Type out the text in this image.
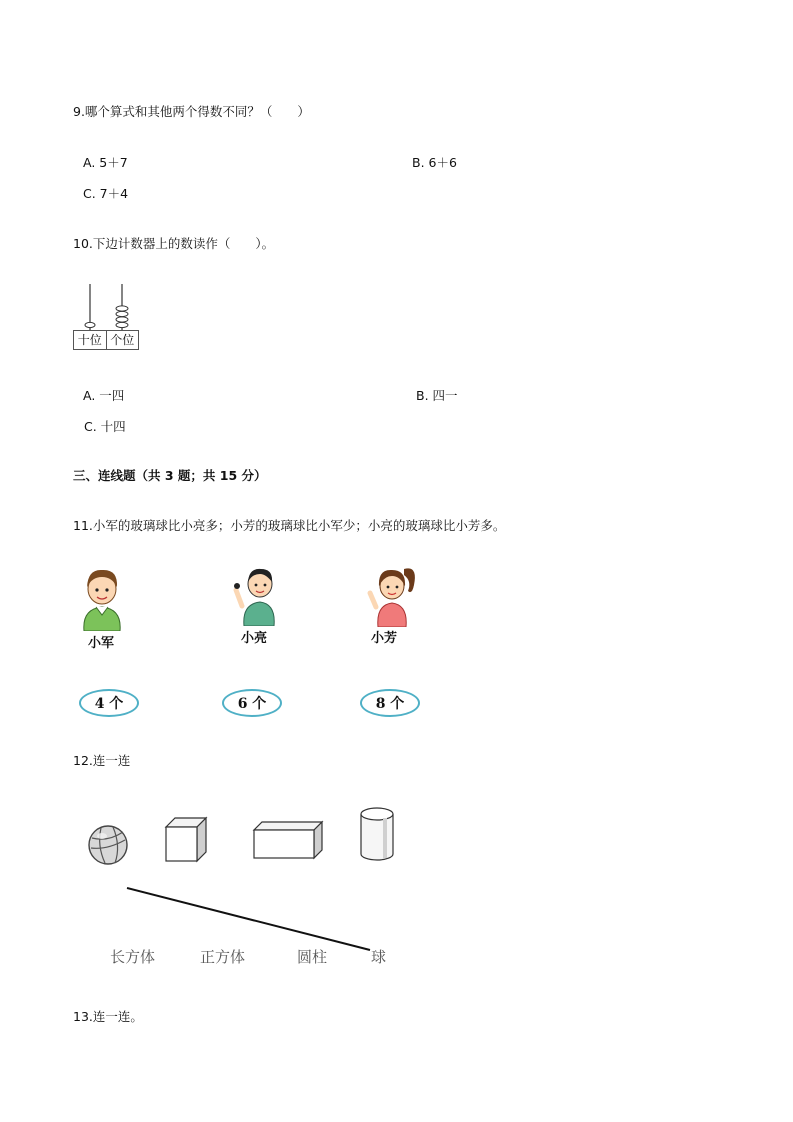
9.哪个算式和其他两个得数不同？（　　）
A. 5＋7	B. 6＋6
C. 7＋4
10.下边计数器上的数读作（　　）。
十位 个位
A. 一四	B. 四一
C. 十四
三、连线题（共 3 题；共 15 分）
11.小军的玻璃球比小亮多；小芳的玻璃球比小军少；小亮的玻璃球比小芳多。
小军	小亮	小芳
4 个	6 个	8 个
12.连一连
长方体	正方体	圆柱	球
13.连一连。
